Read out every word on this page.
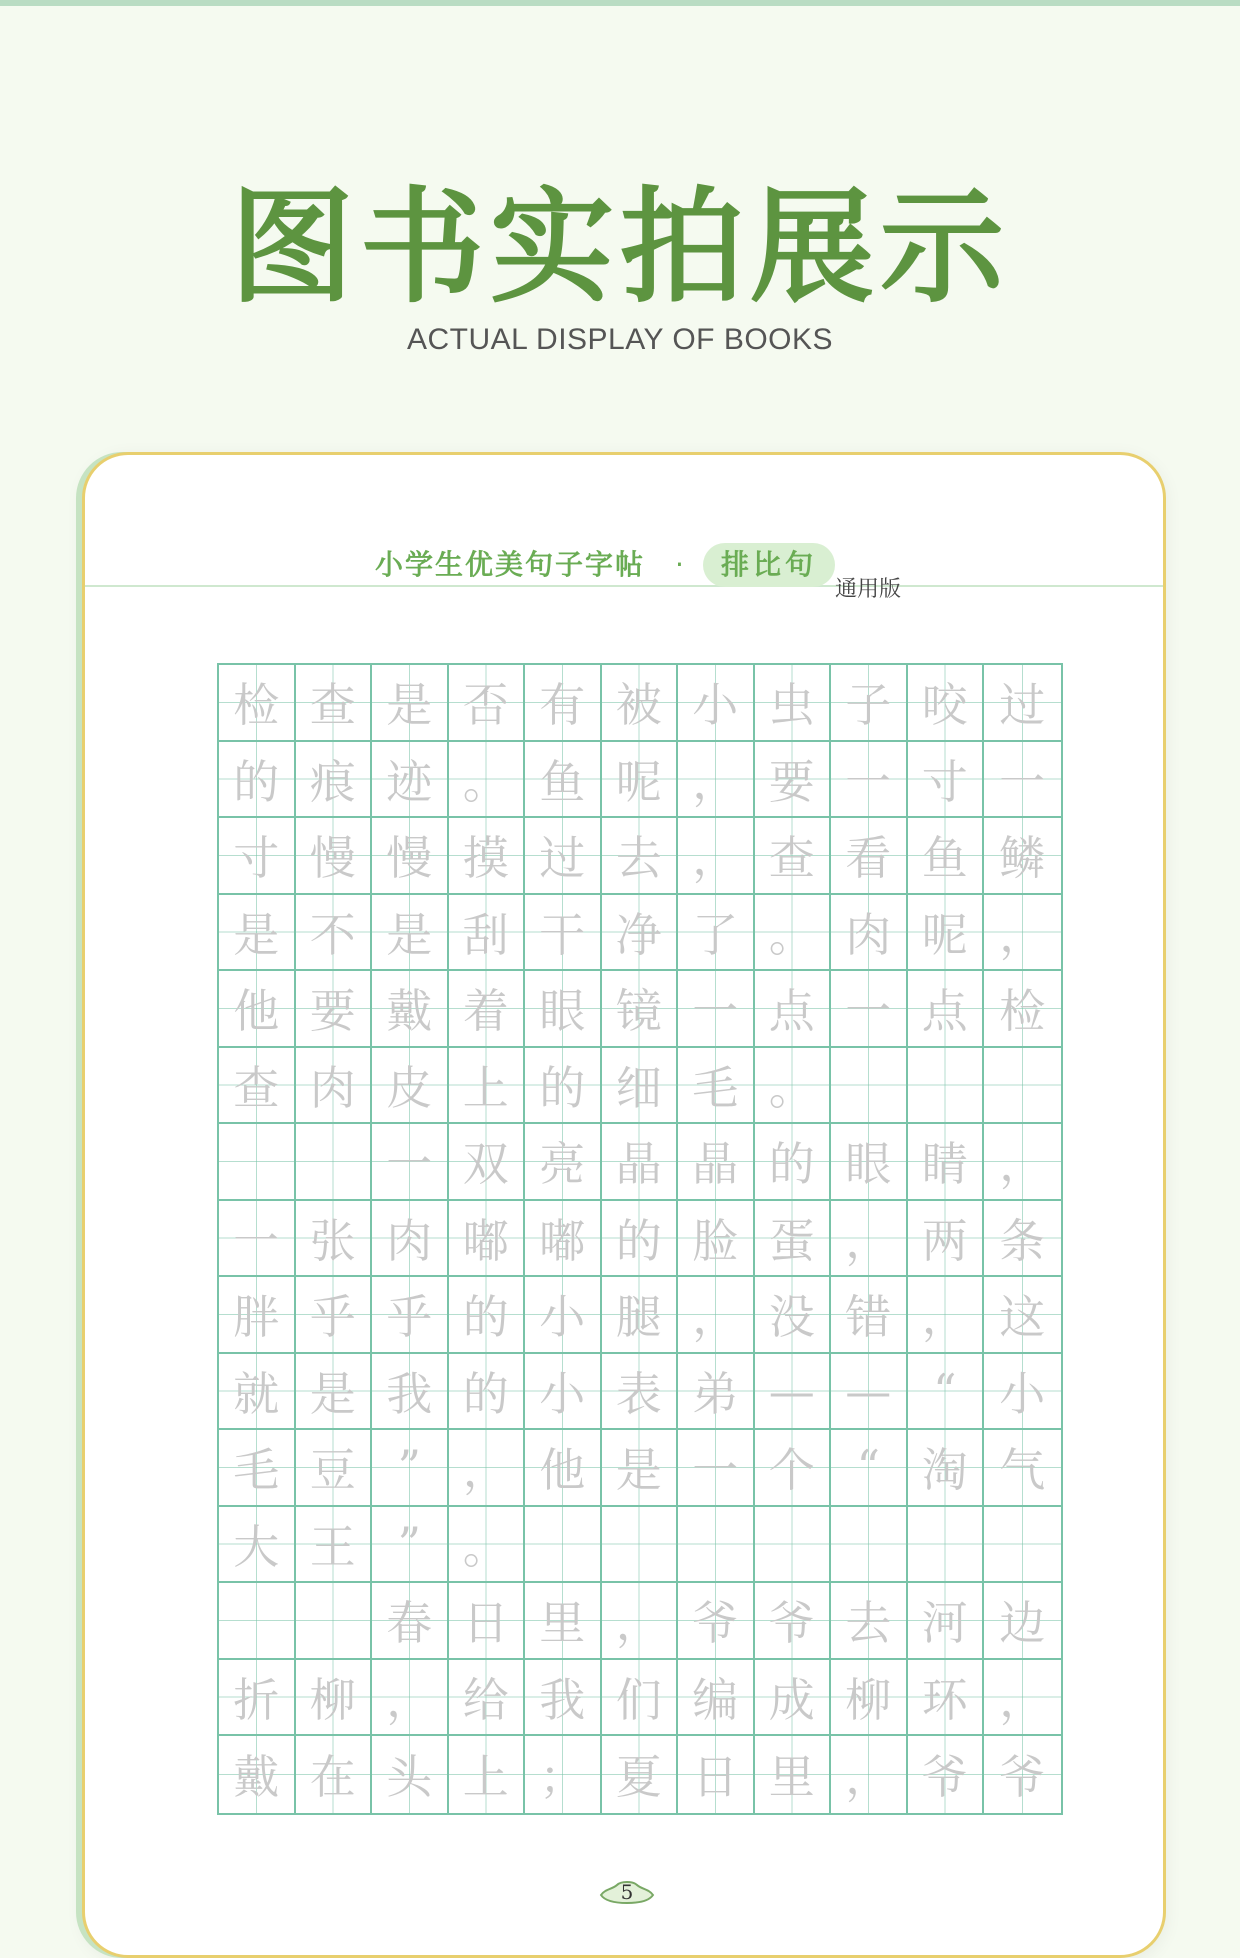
图书实拍展示
ACTUAL DISPLAY OF BOOKS
小学生优美句子字帖 ·	排比句
通用版
检 查 是 否 有 被 小 虫 子 咬 过
的 痕 迹 。 鱼 呢 ， 要 一 寸 一
寸 慢 慢 摸 过 去 ， 查 看 鱼 鳞
是 不 是 刮 干 净 了 。 肉 呢 ，
他 要 戴 着 眼 镜 一 点 一 点 检
查 肉 皮 上 的 细 毛 。
一 双 亮 晶 晶 的 眼 睛 ，
一 张 肉 嘟 嘟 的 脸 蛋 ， 两 条
胖 乎 乎 的 小 腿 ， 没 错 ， 这
就 是 我 的 小 表 弟 — — “ 小
毛 豆 ” ， 他 是 一 个 “ 淘 气
大 王 ” 。
春 日 里 ， 爷 爷 去 河 边
折 柳 ， 给 我 们 编 成 柳 环 ，
戴 在 头 上 ； 夏 日 里 ， 爷 爷
5
